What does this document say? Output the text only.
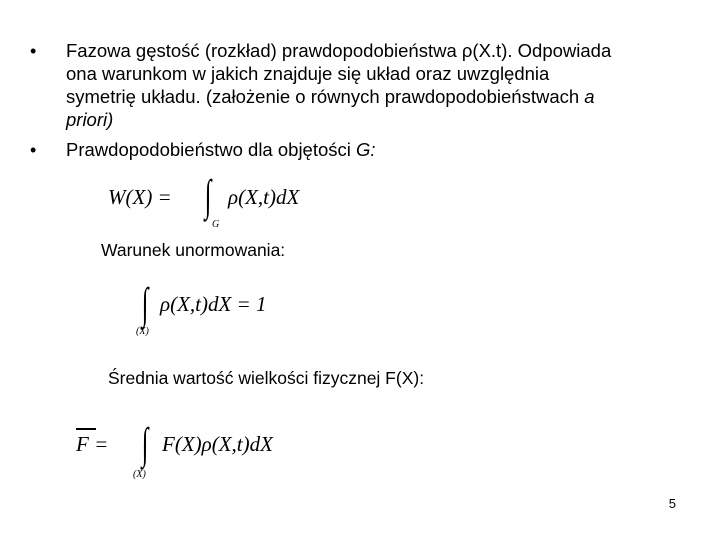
• Fazowa gęstość (rozkład) prawdopodobieństwa ρ(X.t). Odpowiada
ona warunkom w jakich znajduje się układ oraz uwzględnia
symetrię układu. (założenie o równych prawdopodobieństwach a
priori)
• Prawdopodobieństwo dla objętości G:
W(X) = ∫
G
ρ(X,t)dX
Warunek unormowania:
∫
(X)
ρ(X,t)dX = 1
Średnia wartość wielkości fizycznej F(X):
F = ∫
(X)
F(X)ρ(X,t)dX
5
